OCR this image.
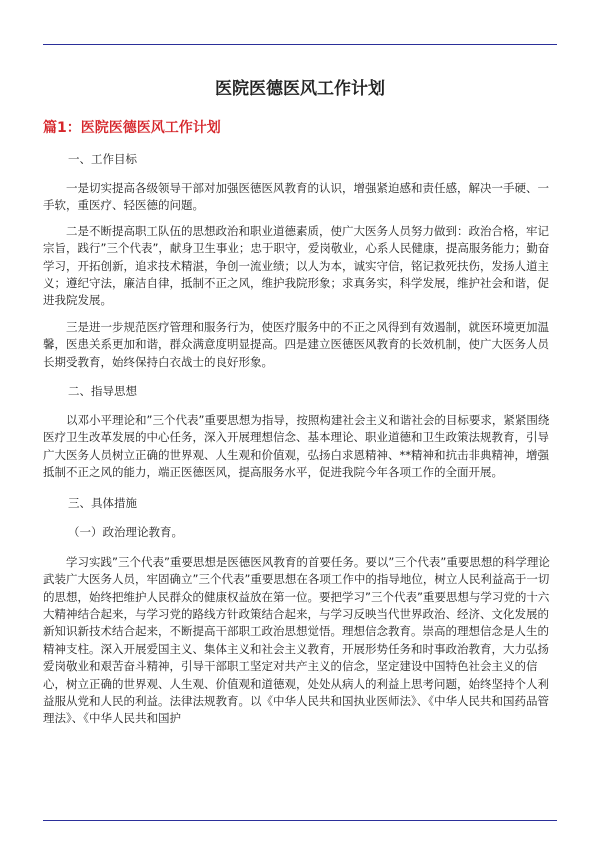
医院医德医风工作计划
篇1：医院医德医风工作计划

一、工作目标

一是切实提高各级领导干部对加强医德医风教育的认识，增强紧迫感和责任感，解决一手硬、一手软，重医疗、轻医德的问题。

二是不断提高职工队伍的思想政治和职业道德素质，使广大医务人员努力做到：政治合格，牢记宗旨，践行”三个代表”，献身卫生事业；忠于职守，爱岗敬业，心系人民健康，提高服务能力；勤奋学习，开拓创新，追求技术精湛，争创一流业绩；以人为本，诚实守信，铭记救死扶伤，发扬人道主义；遵纪守法，廉洁自律，抵制不正之风，维护我院形象；求真务实，科学发展，维护社会和谐，促进我院发展。

三是进一步规范医疗管理和服务行为，使医疗服务中的不正之风得到有效遏制，就医环境更加温馨，医患关系更加和谐，群众满意度明显提高。四是建立医德医风教育的长效机制，使广大医务人员长期受教育，始终保持白衣战士的良好形象。

二、指导思想

以邓小平理论和”三个代表”重要思想为指导，按照构建社会主义和谐社会的目标要求，紧紧围绕医疗卫生改革发展的中心任务，深入开展理想信念、基本理论、职业道德和卫生政策法规教育，引导广大医务人员树立正确的世界观、人生观和价值观，弘扬白求恩精神、**精神和抗击非典精神，增强抵制不正之风的能力，端正医德医风，提高服务水平，促进我院今年各项工作的全面开展。

三、具体措施

（一）政治理论教育。

学习实践”三个代表”重要思想是医德医风教育的首要任务。要以”三个代表”重要思想的科学理论武装广大医务人员，牢固确立”三个代表”重要思想在各项工作中的指导地位，树立人民利益高于一切的思想，始终把维护人民群众的健康权益放在第一位。要把学习”三个代表”重要思想与学习党的十六大精神结合起来，与学习党的路线方针政策结合起来，与学习反映当代世界政治、经济、文化发展的新知识新技术结合起来，不断提高干部职工政治思想觉悟。理想信念教育。崇高的理想信念是人生的精神支柱。深入开展爱国主义、集体主义和社会主义教育，开展形势任务和时事政治教育，大力弘扬爱岗敬业和艰苦奋斗精神，引导干部职工坚定对共产主义的信念，坚定建设中国特色社会主义的信心，树立正确的世界观、人生观、价值观和道德观，处处从病人的利益上思考问题，始终坚持个人利益服从党和人民的利益。法律法规教育。以《中华人民共和国执业医师法》、《中华人民共和国药品管理法》、《中华人民共和国护
